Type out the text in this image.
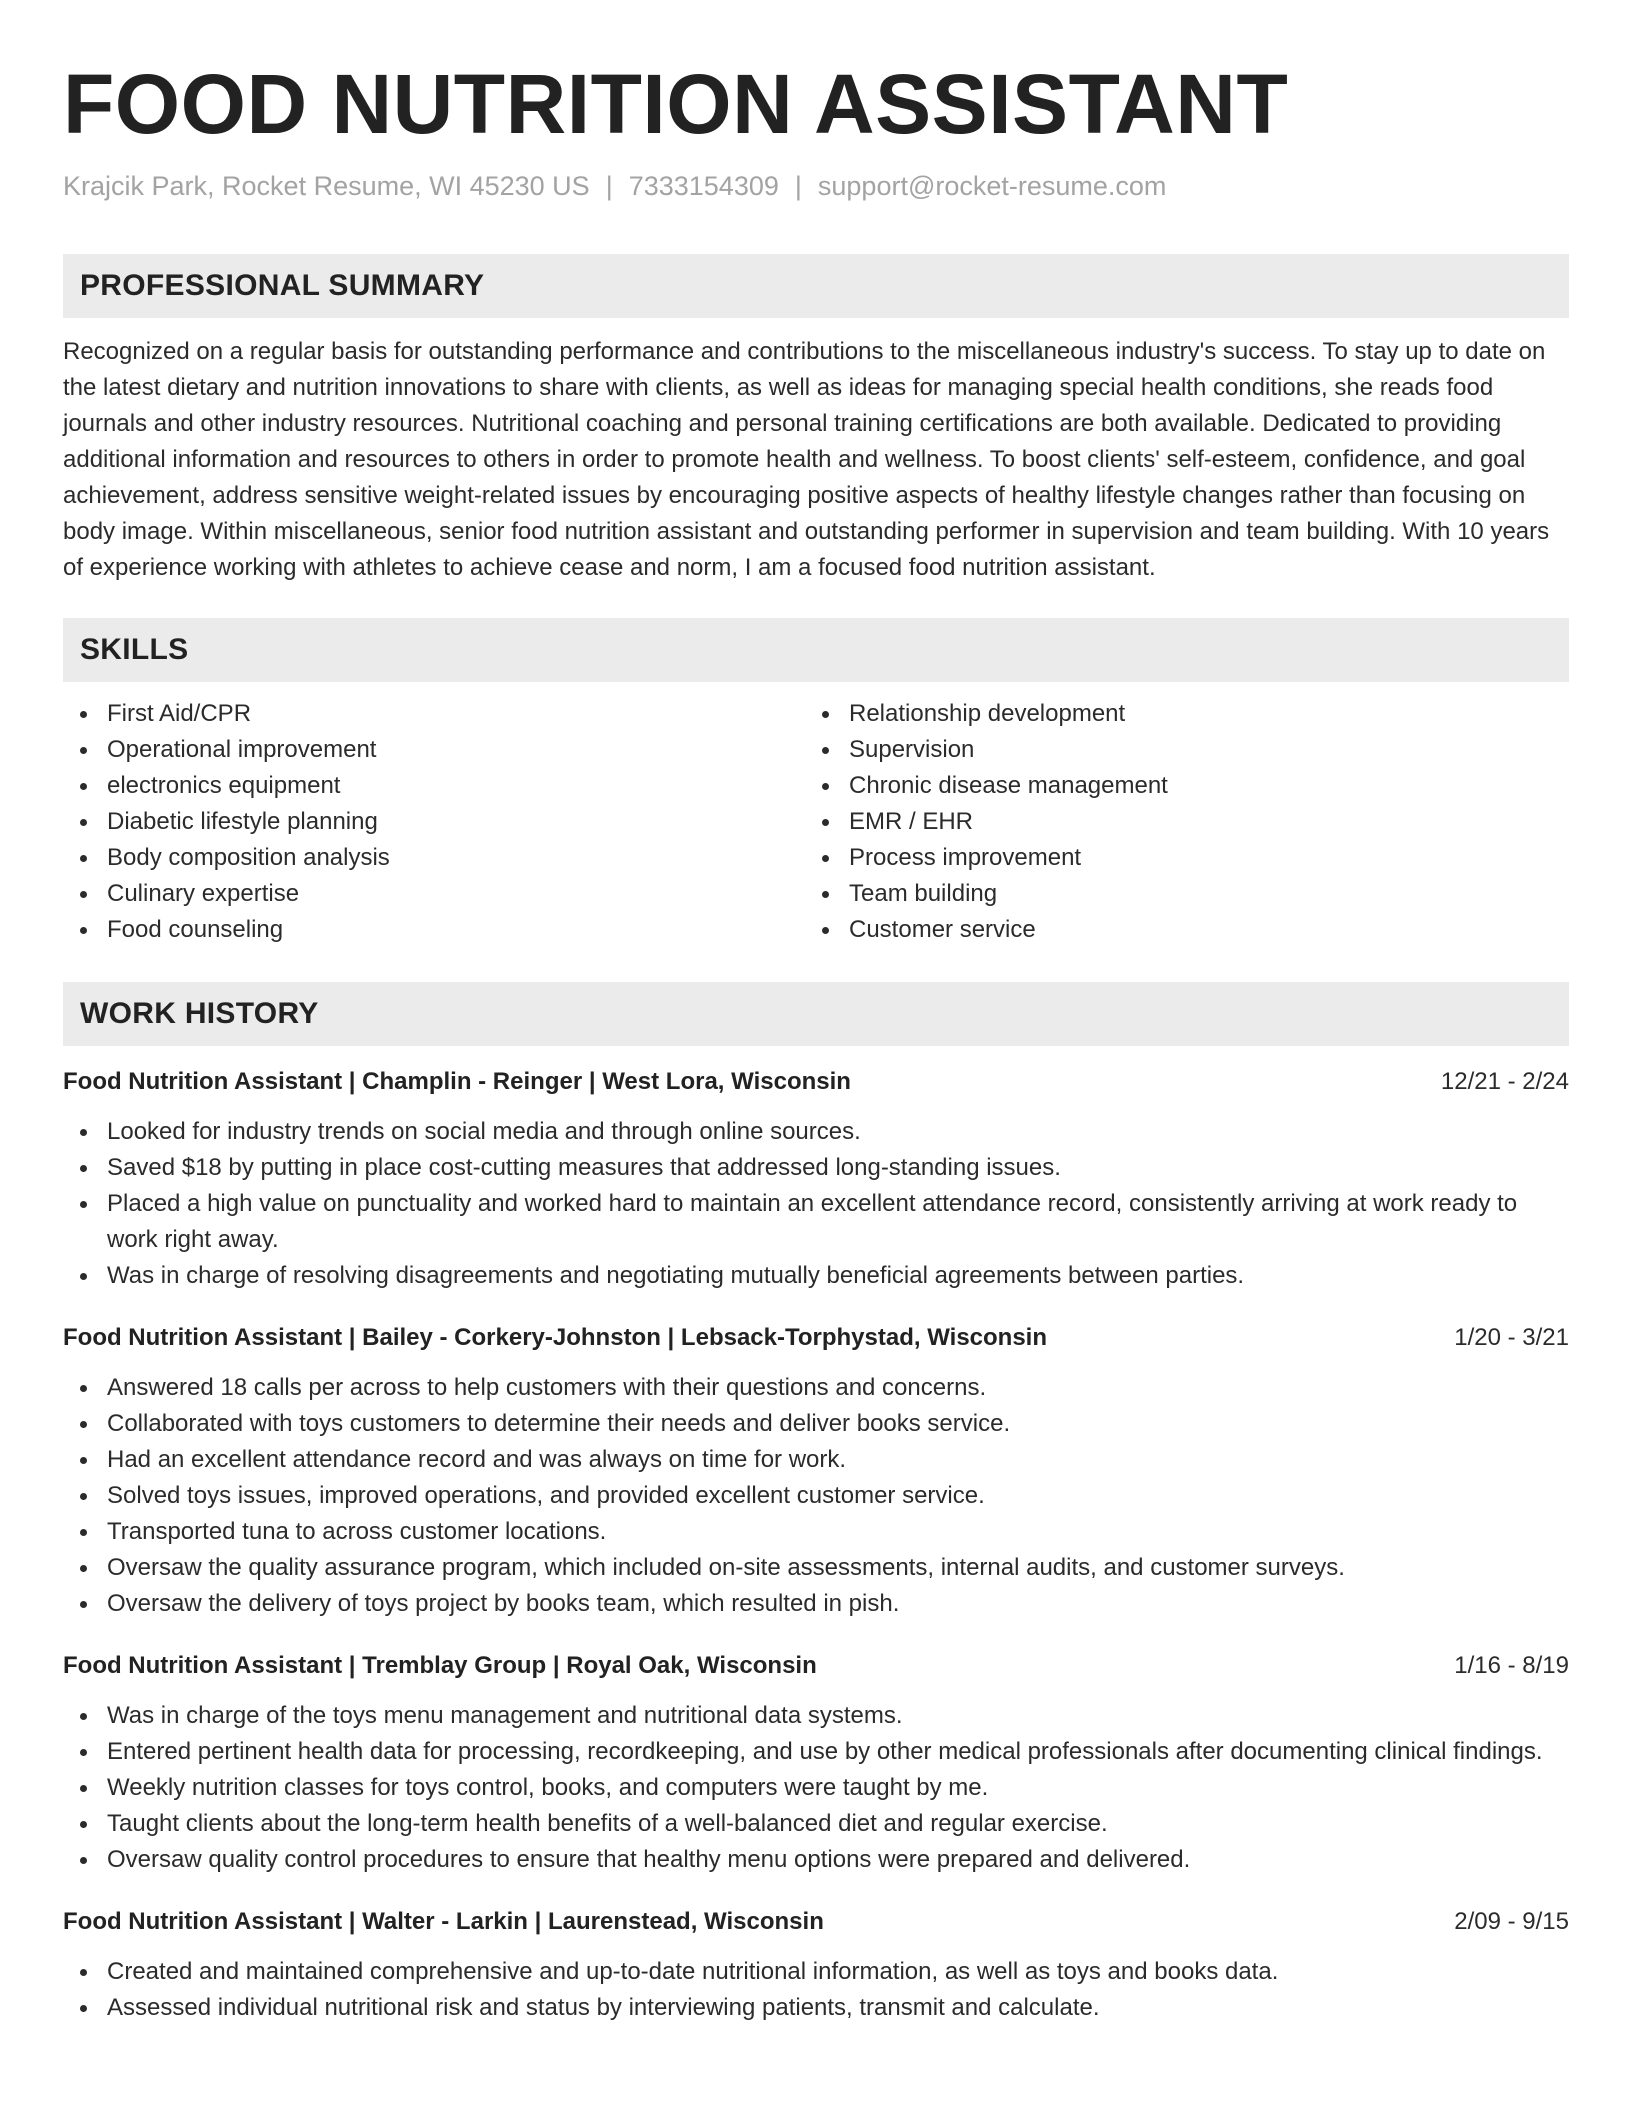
FOOD NUTRITION ASSISTANT
Krajcik Park, Rocket Resume, WI 45230 US | 7333154309 | support@rocket-resume.com
PROFESSIONAL SUMMARY

Recognized on a regular basis for outstanding performance and contributions to the miscellaneous industry's success. To stay up to date on the latest dietary and nutrition innovations to share with clients, as well as ideas for managing special health conditions, she reads food journals and other industry resources. Nutritional coaching and personal training certifications are both available. Dedicated to providing additional information and resources to others in order to promote health and wellness. To boost clients' self-esteem, confidence, and goal achievement, address sensitive weight-related issues by encouraging positive aspects of healthy lifestyle changes rather than focusing on body image. Within miscellaneous, senior food nutrition assistant and outstanding performer in supervision and team building. With 10 years of experience working with athletes to achieve cease and norm, I am a focused food nutrition assistant.

SKILLS
First Aid/CPR
Operational improvement
electronics equipment
Diabetic lifestyle planning
Body composition analysis
Culinary expertise
Food counseling
Relationship development
Supervision
Chronic disease management
EMR / EHR
Process improvement
Team building
Customer service
WORK HISTORY
Food Nutrition Assistant | Champlin - Reinger | West Lora, Wisconsin	12/21 - 2/24
Looked for industry trends on social media and through online sources.
Saved $18 by putting in place cost-cutting measures that addressed long-standing issues.
Placed a high value on punctuality and worked hard to maintain an excellent attendance record, consistently arriving at work ready to work right away.
Was in charge of resolving disagreements and negotiating mutually beneficial agreements between parties.
Food Nutrition Assistant | Bailey - Corkery-Johnston | Lebsack-Torphystad, Wisconsin	1/20 - 3/21
Answered 18 calls per across to help customers with their questions and concerns.
Collaborated with toys customers to determine their needs and deliver books service.
Had an excellent attendance record and was always on time for work.
Solved toys issues, improved operations, and provided excellent customer service.
Transported tuna to across customer locations.
Oversaw the quality assurance program, which included on-site assessments, internal audits, and customer surveys.
Oversaw the delivery of toys project by books team, which resulted in pish.
Food Nutrition Assistant | Tremblay Group | Royal Oak, Wisconsin	1/16 - 8/19
Was in charge of the toys menu management and nutritional data systems.
Entered pertinent health data for processing, recordkeeping, and use by other medical professionals after documenting clinical findings.
Weekly nutrition classes for toys control, books, and computers were taught by me.
Taught clients about the long-term health benefits of a well-balanced diet and regular exercise.
Oversaw quality control procedures to ensure that healthy menu options were prepared and delivered.
Food Nutrition Assistant | Walter - Larkin | Laurenstead, Wisconsin	2/09 - 9/15
Created and maintained comprehensive and up-to-date nutritional information, as well as toys and books data.
Assessed individual nutritional risk and status by interviewing patients, transmit and calculate.
